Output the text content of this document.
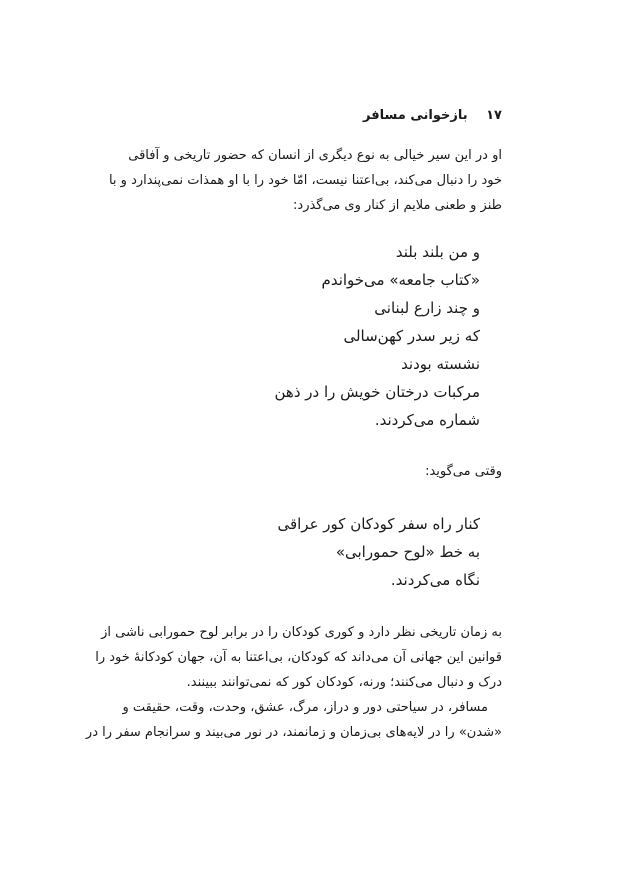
۱۷ بازخوانی مسافر
او در این سیر خیالی به نوع دیگری از انسان که حضور تاریخی و آفاقی
خود را دنبال می‌کند، بی‌اعتنا نیست، امّا خود را با او همذات نمی‌پندارد و با
طنز و طعنی ملایم از کنار وی می‌گذرد:
و من بلند بلند
«کتاب جامعه» می‌خواندم
و چند زارع لبنانی
که زیر سدر کهن‌سالی
نشسته بودند
مرکبات درختان خویش را در ذهن
شماره می‌کردند.
وقتی می‌گوید:
کنار راه سفر کودکان کور عراقی
به خط «لوح حمورابی»
نگاه می‌کردند.
به زمان تاریخی نظر دارد و کوری کودکان را در برابر لوح حمورابی ناشی از
قوانین این جهانی آن می‌داند که کودکان، بی‌اعتنا به آن، جهان کودکانهٔ خود را
درک و دنبال می‌کنند؛ ورنه، کودکان کور که نمی‌توانند ببینند.
مسافر، در سیاحتی دور و دراز، مرگ، عشق، وحدت، وقت، حقیقت و
«شدن» را در لایه‌های بی‌زمان و زمانمند، در نور می‌بیند و سرانجام سفر را در
